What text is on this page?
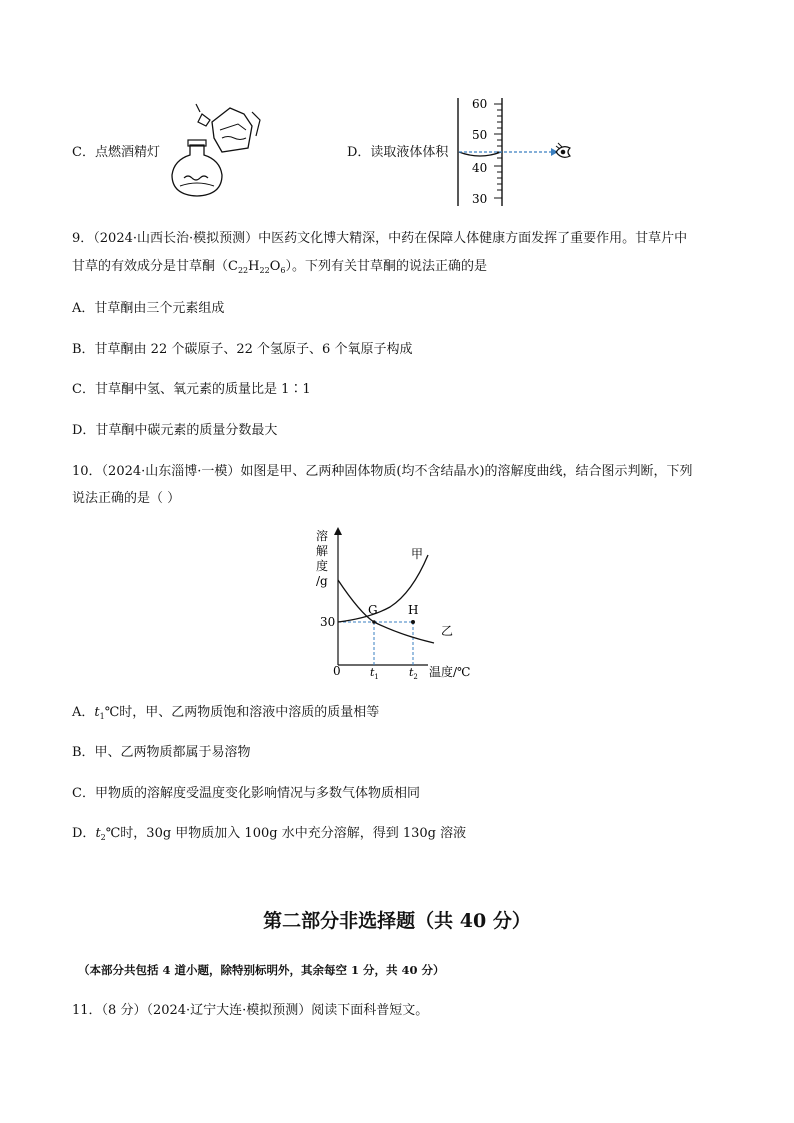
C．点燃酒精灯	D．读取液体体积
60
50
40
30
9．（2024·山西长治·模拟预测）中医药文化博大精深，中药在保障人体健康方面发挥了重要作用。甘草片中
甘草的有效成分是甘草酮$(C_{22}H_{22}O_6)$。下列有关甘草酮的说法正确的是
A．甘草酮由三个元素组成
B．甘草酮由 22 个碳原子、22 个氢原子、6 个氧原子构成
C．甘草酮中氢、氧元素的质量比是 1∶1
D．甘草酮中碳元素的质量分数最大
10．（2024·山东淄博·一模）如图是甲、乙两种固体物质(均不含结晶水)的溶解度曲线，结合图示判断，下列
说法正确的是（ ）
溶
解
度
/g
0
30
温度/℃
$t_1$	$t_2$
G	H
甲
乙
A．$t_1℃$时，甲、乙两物质饱和溶液中溶质的质量相等
B．甲、乙两物质都属于易溶物
C．甲物质的溶解度受温度变化影响情况与多数气体物质相同
D．$t_2℃$时，30g 甲物质加入 100g 水中充分溶解，得到 130g 溶液
第二部分非选择题（共 40 分）
（本部分共包括 4 道小题，除特别标明外，其余每空 1 分，共 40 分）
11．（8 分）（2024·辽宁大连·模拟预测）阅读下面科普短文。
